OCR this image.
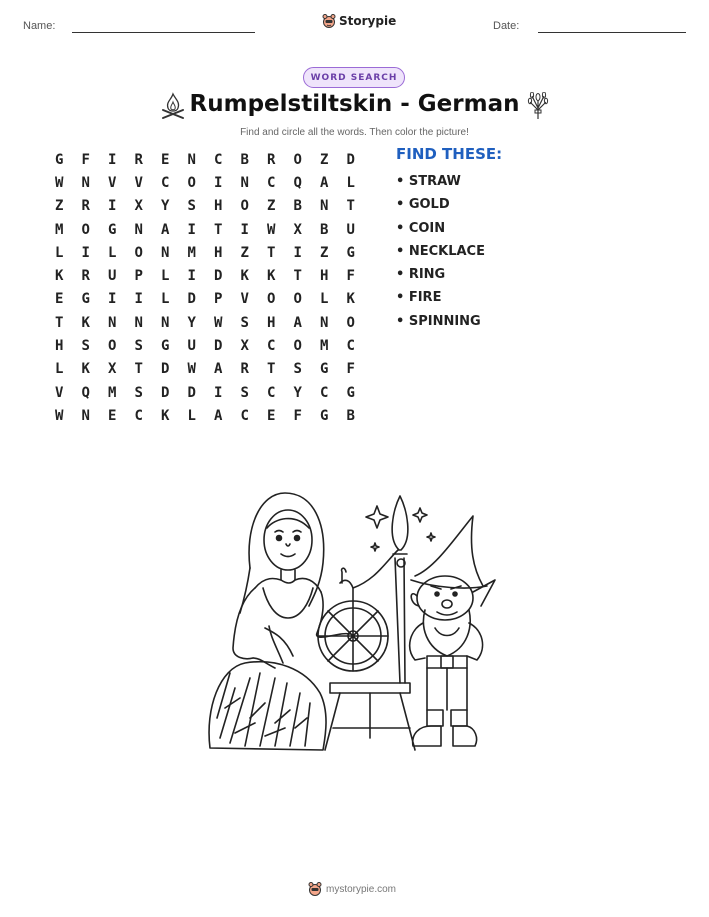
Name:	Storypie	Date:
WORD SEARCH
Rumpelstiltskin - German
Find and circle all the words. Then color the picture!
G	F	I	R	E	N	C	B	R	O	Z	D
W	N	V	V	C	O	I	N	C	Q	A	L
Z	R	I	X	Y	S	H	O	Z	B	N	T
M	O	G	N	A	I	T	I	W	X	B	U
L	I	L	O	N	M	H	Z	T	I	Z	G
K	R	U	P	L	I	D	K	K	T	H	F
E	G	I	I	L	D	P	V	O	O	L	K
T	K	N	N	N	Y	W	S	H	A	N	O
H	S	O	S	G	U	D	X	C	O	M	C
L	K	X	T	D	W	A	R	T	S	G	F
V	Q	M	S	D	D	I	S	C	Y	C	G
W	N	E	C	K	L	A	C	E	F	G	B
FIND THESE:
• STRAW
• GOLD
• COIN
• NECKLACE
• RING
• FIRE
• SPINNING
mystorypie.com
